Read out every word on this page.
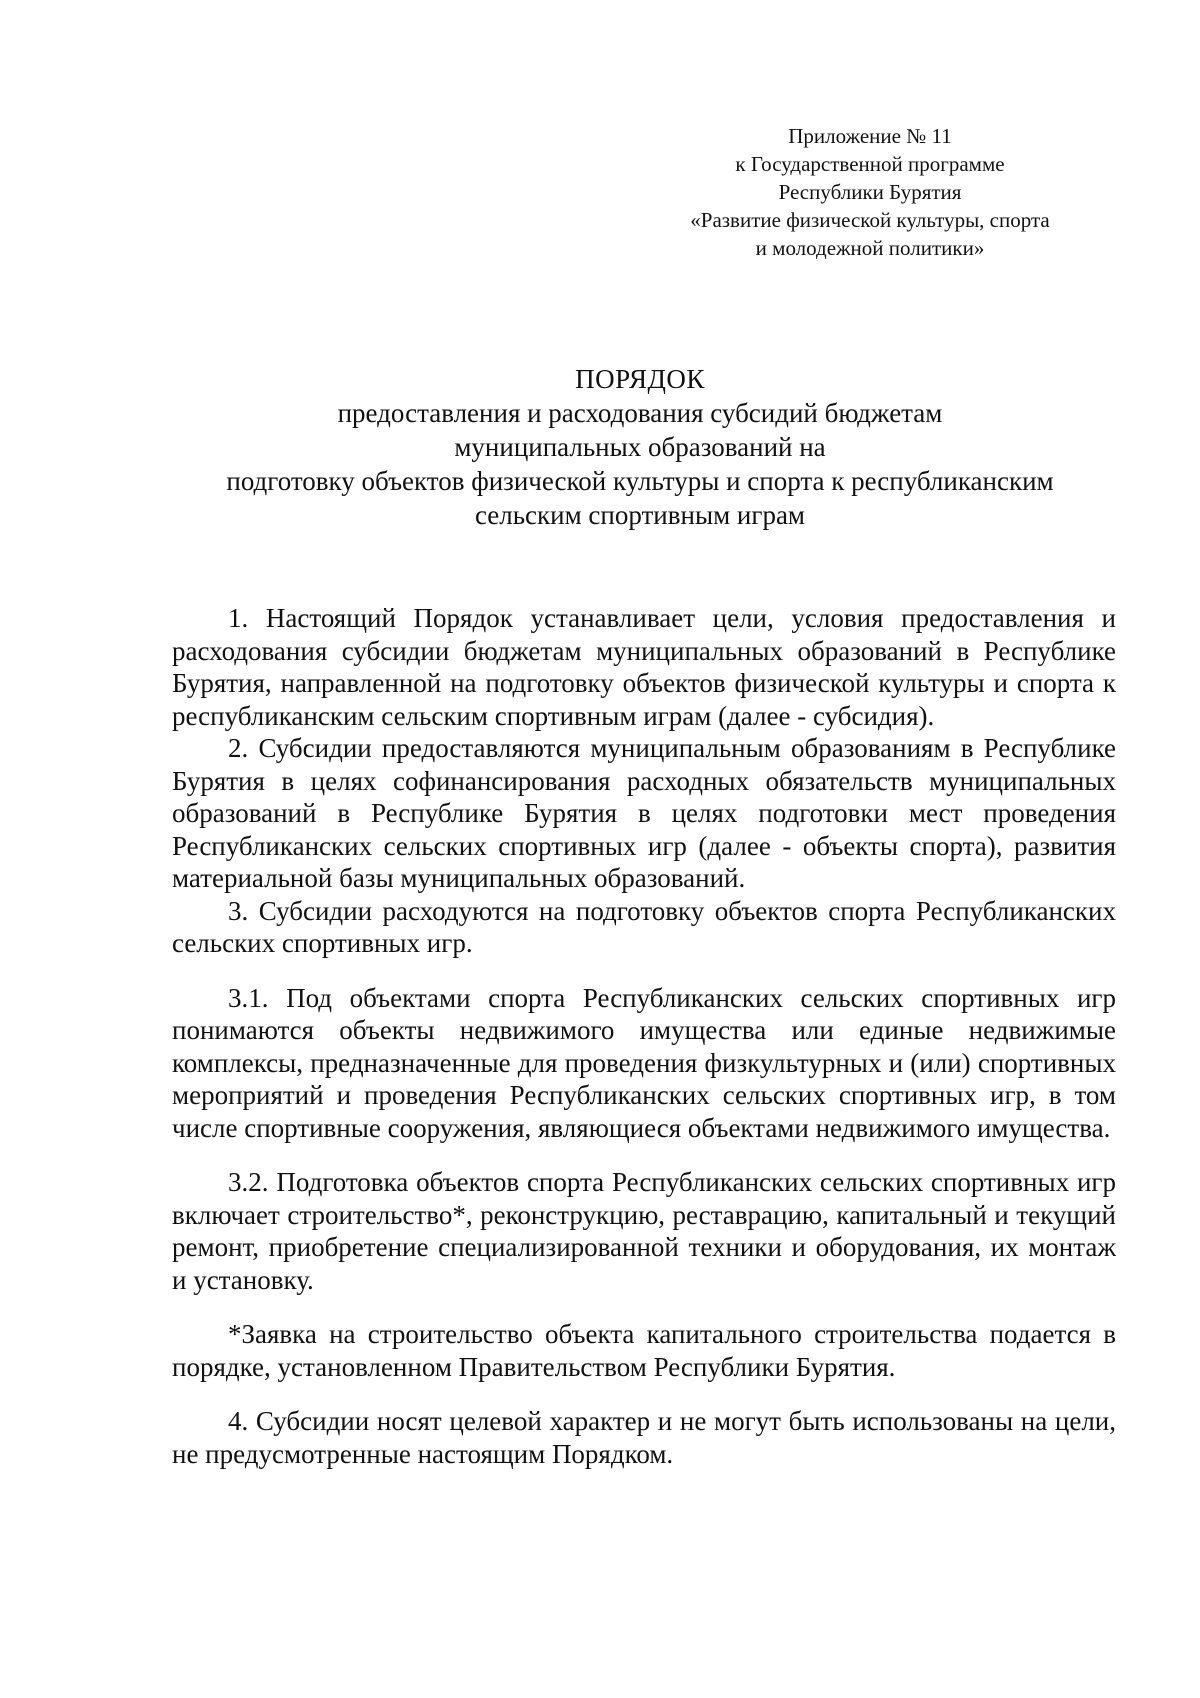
Приложение № 11
к Государственной программе
Республики Бурятия
«Развитие физической культуры, спорта
и молодежной политики»
ПОРЯДОК
предоставления и расходования субсидий бюджетам
муниципальных образований на
подготовку объектов физической культуры и спорта к республиканским
сельским спортивным играм

1. Настоящий Порядок устанавливает цели, условия предоставления и расходования субсидии бюджетам муниципальных образований в Республике Бурятия, направленной на подготовку объектов физической культуры и спорта к республиканским сельским спортивным играм (далее - субсидия).

2. Субсидии предоставляются муниципальным образованиям в Республике Бурятия в целях софинансирования расходных обязательств муниципальных образований в Республике Бурятия в целях подготовки мест проведения Республиканских сельских спортивных игр (далее - объекты спорта), развития материальной базы муниципальных образований.

3. Субсидии расходуются на подготовку объектов спорта Республиканских сельских спортивных игр.

3.1. Под объектами спорта Республиканских сельских спортивных игр понимаются объекты недвижимого имущества или единые недвижимые комплексы, предназначенные для проведения физкультурных и (или) спортивных мероприятий и проведения Республиканских сельских спортивных игр, в том числе спортивные сооружения, являющиеся объектами недвижимого имущества.

3.2. Подготовка объектов спорта Республиканских сельских спортивных игр включает строительство*, реконструкцию, реставрацию, капитальный и текущий ремонт, приобретение специализированной техники и оборудования, их монтаж и установку.

*Заявка на строительство объекта капитального строительства подается в порядке, установленном Правительством Республики Бурятия.

4. Субсидии носят целевой характер и не могут быть использованы на цели, не предусмотренные настоящим Порядком.
